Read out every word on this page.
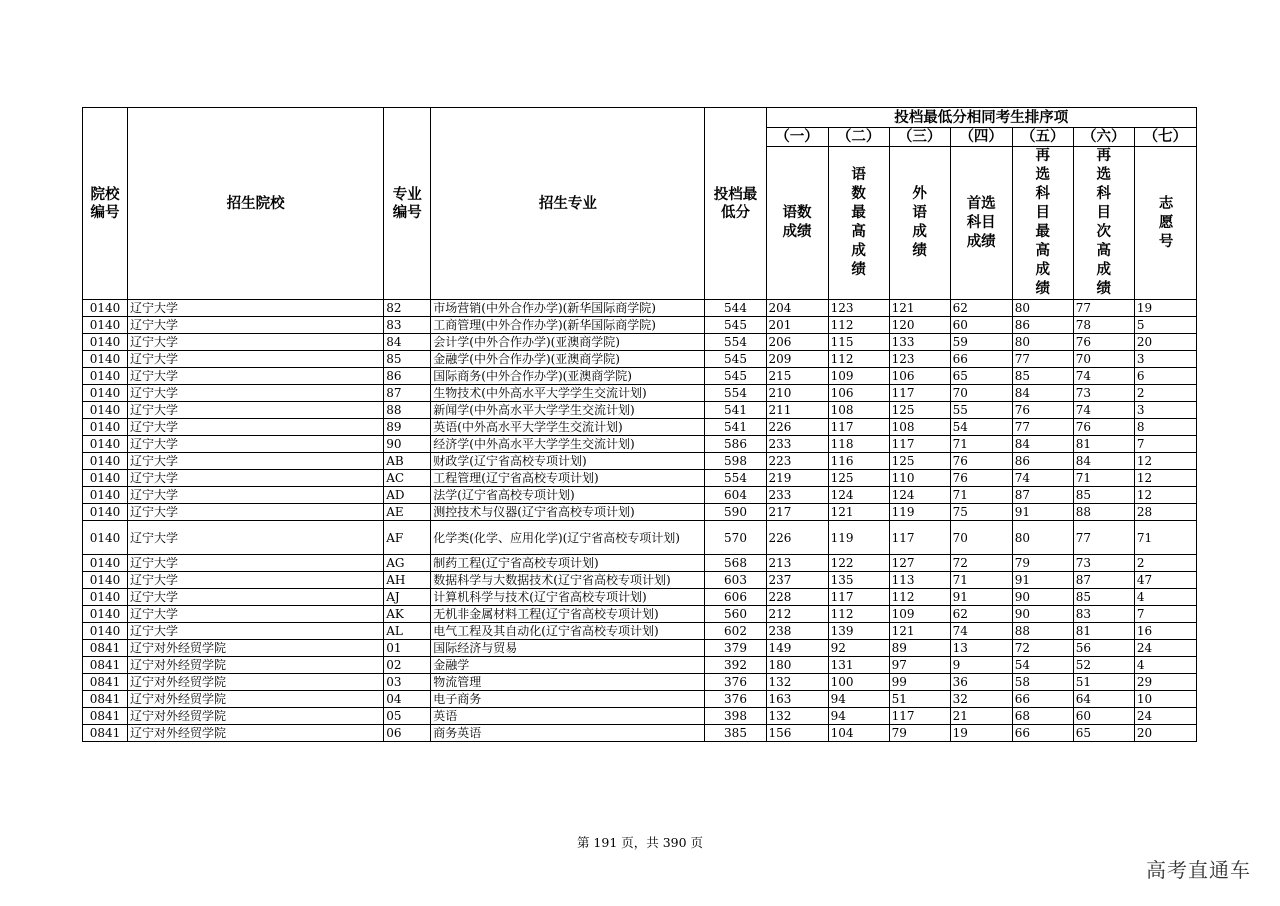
院校编号	招生院校	专业编号	招生专业	投档最低分	投档最低分相同考生排序项						
					（一）	（二）	（三）	（四）	（五）	（六）	（七）
					语数成绩	语数最高成绩	外语成绩	首选科目成绩	再选科目最高成绩	再选科目次高成绩	志愿号
0140	辽宁大学	82	市场营销(中外合作办学)(新华国际商学院)	544	204	123	121	62	80	77	19
0140	辽宁大学	83	工商管理(中外合作办学)(新华国际商学院)	545	201	112	120	60	86	78	5
0140	辽宁大学	84	会计学(中外合作办学)(亚澳商学院)	554	206	115	133	59	80	76	20
0140	辽宁大学	85	金融学(中外合作办学)(亚澳商学院)	545	209	112	123	66	77	70	3
0140	辽宁大学	86	国际商务(中外合作办学)(亚澳商学院)	545	215	109	106	65	85	74	6
0140	辽宁大学	87	生物技术(中外高水平大学学生交流计划)	554	210	106	117	70	84	73	2
0140	辽宁大学	88	新闻学(中外高水平大学学生交流计划)	541	211	108	125	55	76	74	3
0140	辽宁大学	89	英语(中外高水平大学学生交流计划)	541	226	117	108	54	77	76	8
0140	辽宁大学	90	经济学(中外高水平大学学生交流计划)	586	233	118	117	71	84	81	7
0140	辽宁大学	AB	财政学(辽宁省高校专项计划)	598	223	116	125	76	86	84	12
0140	辽宁大学	AC	工程管理(辽宁省高校专项计划)	554	219	125	110	76	74	71	12
0140	辽宁大学	AD	法学(辽宁省高校专项计划)	604	233	124	124	71	87	85	12
0140	辽宁大学	AE	测控技术与仪器(辽宁省高校专项计划)	590	217	121	119	75	91	88	28
0140	辽宁大学	AF	化学类(化学、应用化学)(辽宁省高校专项计划)	570	226	119	117	70	80	77	71
0140	辽宁大学	AG	制药工程(辽宁省高校专项计划)	568	213	122	127	72	79	73	2
0140	辽宁大学	AH	数据科学与大数据技术(辽宁省高校专项计划)	603	237	135	113	71	91	87	47
0140	辽宁大学	AJ	计算机科学与技术(辽宁省高校专项计划)	606	228	117	112	91	90	85	4
0140	辽宁大学	AK	无机非金属材料工程(辽宁省高校专项计划)	560	212	112	109	62	90	83	7
0140	辽宁大学	AL	电气工程及其自动化(辽宁省高校专项计划)	602	238	139	121	74	88	81	16
0841	辽宁对外经贸学院	01	国际经济与贸易	379	149	92	89	13	72	56	24
0841	辽宁对外经贸学院	02	金融学	392	180	131	97	9	54	52	4
0841	辽宁对外经贸学院	03	物流管理	376	132	100	99	36	58	51	29
0841	辽宁对外经贸学院	04	电子商务	376	163	94	51	32	66	64	10
0841	辽宁对外经贸学院	05	英语	398	132	94	117	21	68	60	24
0841	辽宁对外经贸学院	06	商务英语	385	156	104	79	19	66	65	20
第 191 页，共 390 页
高考直通车
